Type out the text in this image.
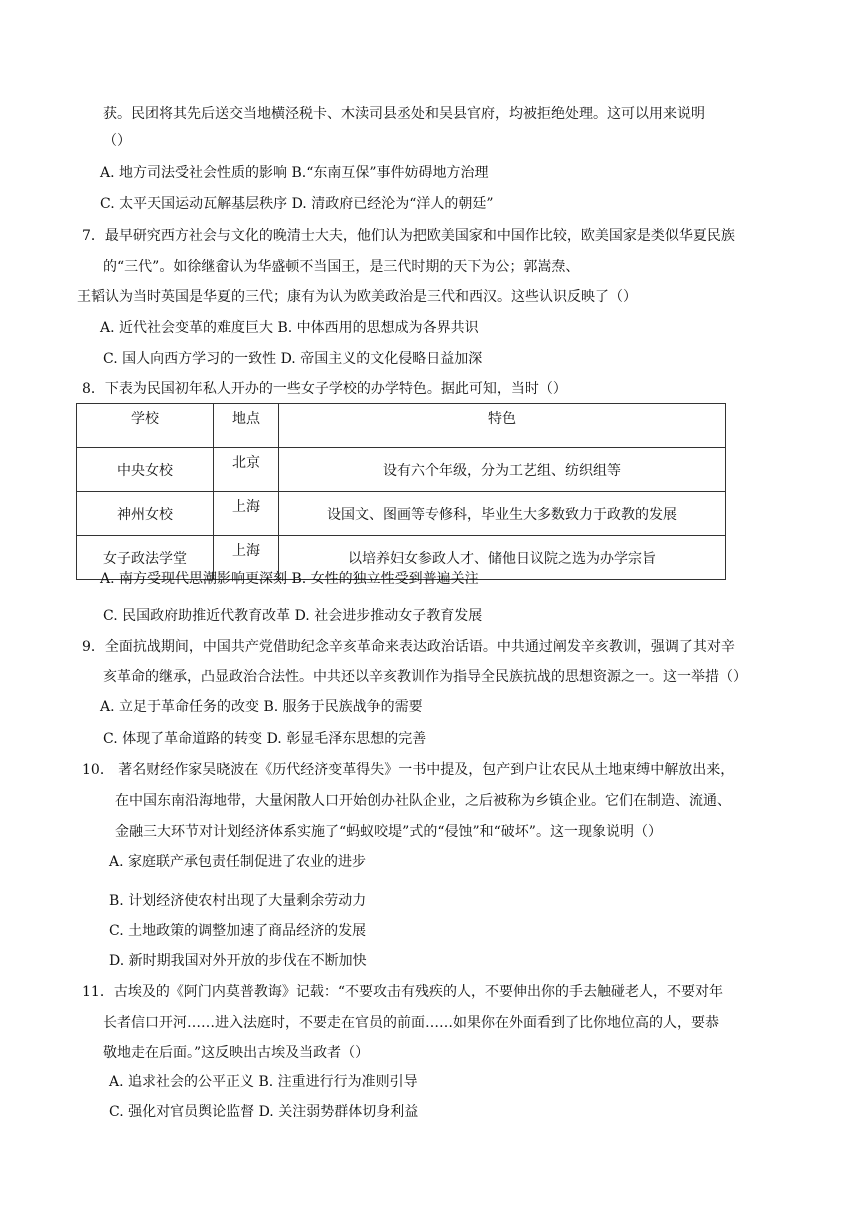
获。民团将其先后送交当地横泾税卡、木渎司县丞处和吴县官府，均被拒绝处理。这可以用来说明
（）
A. 地方司法受社会性质的影响 B.“东南互保”事件妨碍地方治理
C. 太平天国运动瓦解基层秩序 D. 清政府已经沦为“洋人的朝廷”
7．最早研究西方社会与文化的晚清士大夫，他们认为把欧美国家和中国作比较，欧美国家是类似华夏民族
的“三代”。如徐继畲认为华盛顿不当国王，是三代时期的天下为公；郭嵩焘、
王韬认为当时英国是华夏的三代；康有为认为欧美政治是三代和西汉。这些认识反映了（）
A. 近代社会变革的难度巨大 B. 中体西用的思想成为各界共识
C. 国人向西方学习的一致性 D. 帝国主义的文化侵略日益加深
8．下表为民国初年私人开办的一些女子学校的办学特色。据此可知，当时（）
学校	地点	特色
中央女校	北京	设有六个年级，分为工艺组、纺织组等
神州女校	上海	设国文、图画等专修科，毕业生大多数致力于政教的发展
女子政法学堂	上海	以培养妇女参政人才、储他日议院之选为办学宗旨
A. 南方受现代思潮影响更深刻 B. 女性的独立性受到普遍关注
C. 民国政府助推近代教育改革 D. 社会进步推动女子教育发展
9．全面抗战期间，中国共产党借助纪念辛亥革命来表达政治话语。中共通过阐发辛亥教训，强调了其对辛
亥革命的继承，凸显政治合法性。中共还以辛亥教训作为指导全民族抗战的思想资源之一。这一举措（）
A. 立足于革命任务的改变 B. 服务于民族战争的需要
C. 体现了革命道路的转变 D. 彰显毛泽东思想的完善
10． 著名财经作家吴晓波在《历代经济变革得失》一书中提及，包产到户让农民从土地束缚中解放出来，
在中国东南沿海地带，大量闲散人口开始创办社队企业，之后被称为乡镇企业。它们在制造、流通、
金融三大环节对计划经济体系实施了“蚂蚁咬堤”式的“侵蚀”和“破坏”。这一现象说明（）
A. 家庭联产承包责任制促进了农业的进步
B. 计划经济使农村出现了大量剩余劳动力
C. 土地政策的调整加速了商品经济的发展
D. 新时期我国对外开放的步伐在不断加快
11．古埃及的《阿门内莫普教诲》记载：“不要攻击有残疾的人，不要伸出你的手去触碰老人，不要对年
长者信口开河……进入法庭时，不要走在官员的前面……如果你在外面看到了比你地位高的人，要恭
敬地走在后面。”这反映出古埃及当政者（）
A. 追求社会的公平正义 B. 注重进行行为准则引导
C. 强化对官员舆论监督 D. 关注弱势群体切身利益
